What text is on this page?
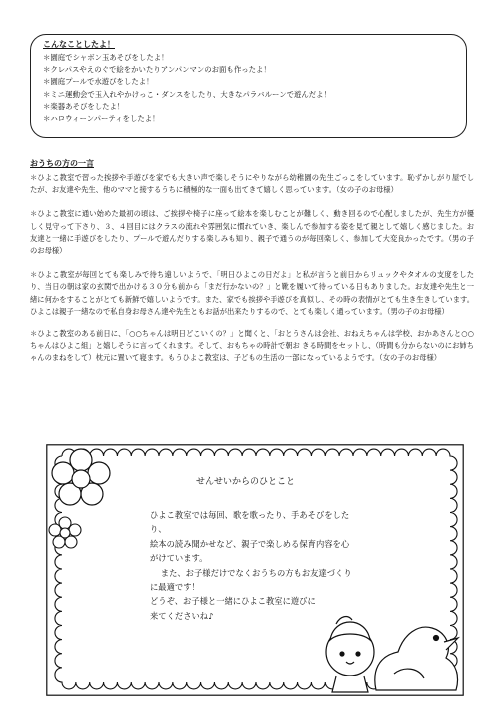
こんなことしたよ！
＊園庭でシャボン玉あそびをしたよ！
＊クレパスやえのぐで絵をかいたりアンパンマンのお面も作ったよ！
＊園庭プールで水遊びをしたよ！
＊ミニ運動会で玉入れやかけっこ・ダンスをしたり、大きなパラバルーンで遊んだよ！
＊楽器あそびをしたよ！
＊ハロウィーンパーティをしたよ！
おうちの方の一言

＊ひよこ教室で習った挨拶や手遊びを家でも大きい声で楽しそうにやりながら幼稚園の先生ごっこをしています。恥ずかしがり屋でしたが、お友達や先生、他のママと接するうちに積極的な一面も出てきて嬉しく思っています。（女の子のお母様）

＊ひよこ教室に通い始めた最初の頃は、ご挨拶や椅子に座って絵本を楽しむことが難しく、動き回るので心配しましたが、先生方が優しく見守って下さり、３、４回目にはクラスの流れや雰囲気に慣れていき、楽しんで参加する姿を見て親として嬉しく感じました。お友達と一緒に手遊びをしたり、プールで遊んだりする楽しみも知り、親子で通うのが毎回楽しく、参加して大変良かったです。（男の子のお母様）

＊ひよこ教室が毎回とても楽しみで待ち遠しいようで、「明日ひよこの日だよ」と私が言うと前日からリュックやタオルの支度をしたり、当日の朝は家の玄関で出かける３０分も前から「まだ行かないの？」と靴を履いて待っている日もありました。お友達や先生と一緒に何かをすることがとても新鮮で嬉しいようです。また、家でも挨拶や手遊びを真似し、その時の表情がとても生き生きしています。ひよこは親子一緒なので私自身お母さん達や先生ともお話が出来たりするので、とても楽しく通っています。（男の子のお母様）

＊ひよこ教室のある前日に、「○○ちゃんは明日どこいくの？」と聞くと、「おとうさんは会社、おねえちゃんは学校、おかあさんと○○ちゃんはひよこ組」と嬉しそうに言ってくれます。そして、おもちゃの時計で朝お きる時間をセットし、（時間も分からないのにお姉ちゃんのまねをして）枕元に置いて寝ます。もうひよこ教室は、子どもの生活の一部になっているようです。（女の子のお母様）

せんせいからのひとこと

ひよこ教室では毎回、歌を歌ったり、手あそびをしたり、
絵本の読み聞かせなど、親子で楽しめる保育内容を心がけています。
また、お子様だけでなくおうちの方もお友達づくりに最適です！
どうぞ、お子様と一緒にひよこ教室に遊びに
来てくださいね♪
